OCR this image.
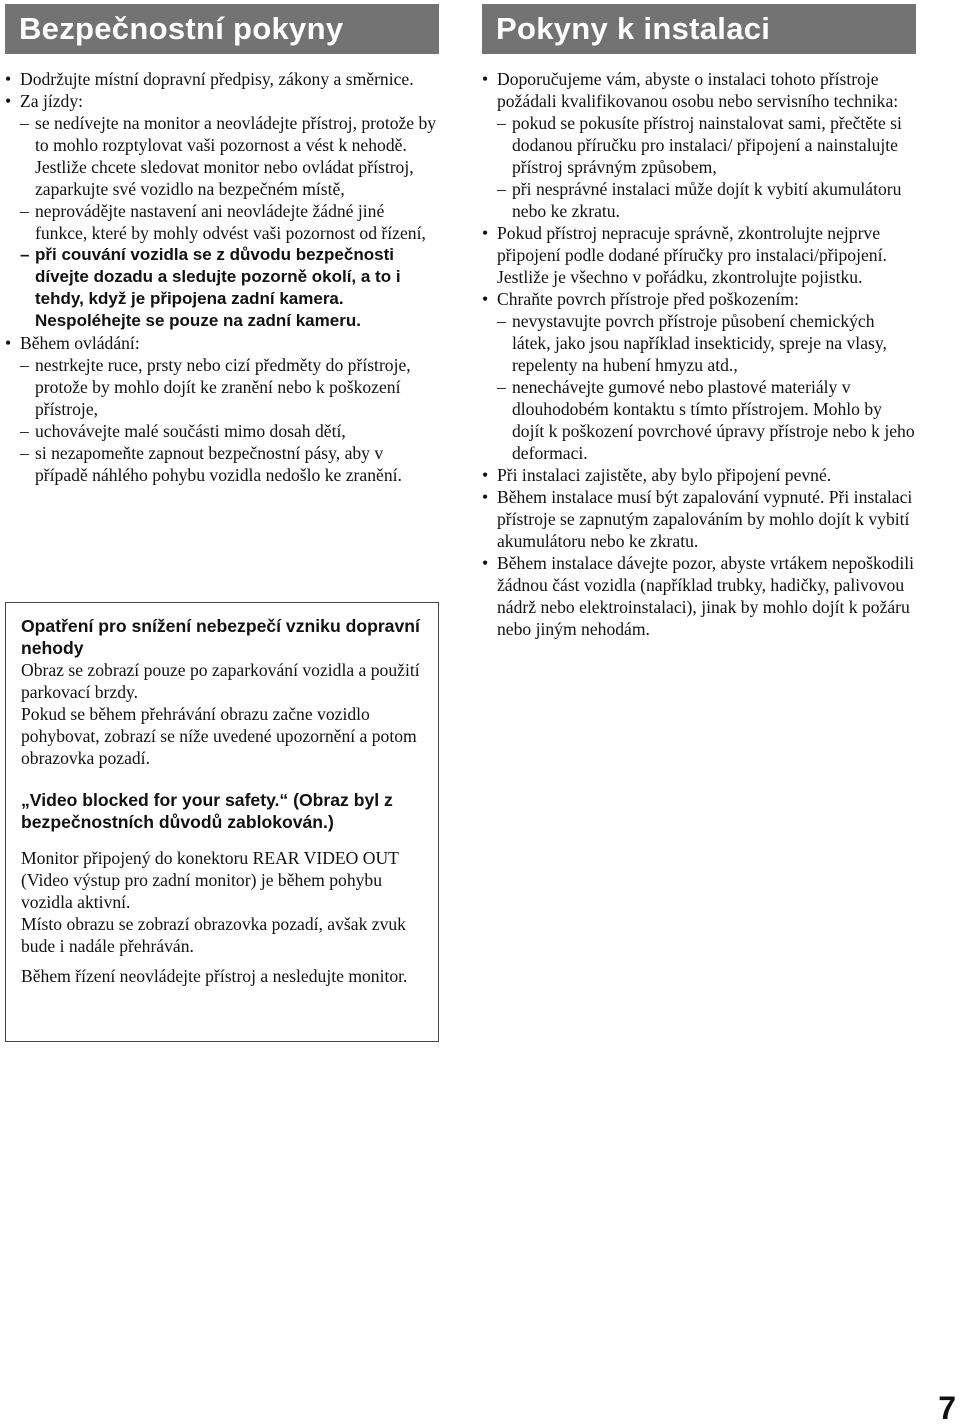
Bezpečnostní pokyny
• Dodržujte místní dopravní předpisy, zákony a směrnice.
• Za jízdy:
– se nedívejte na monitor a neovládejte přístroj, protože by to mohlo rozptylovat vaši pozornost a vést k nehodě. Jestliže chcete sledovat monitor nebo ovládat přístroj, zaparkujte své vozidlo na bezpečném místě,
– neprovádějte nastavení ani neovládejte žádné jiné funkce, které by mohly odvést vaši pozornost od řízení,
– při couvání vozidla se z důvodu bezpečnosti dívejte dozadu a sledujte pozorně okolí, a to i tehdy, když je připojena zadní kamera. Nespoléhejte se pouze na zadní kameru.
• Během ovládání:
– nestrkejte ruce, prsty nebo cizí předměty do přístroje, protože by mohlo dojít ke zranění nebo k poškození přístroje,
– uchovávejte malé součásti mimo dosah dětí,
– si nezapomeňte zapnout bezpečnostní pásy, aby v případě náhlého pohybu vozidla nedošlo ke zranění.

Opatření pro snížení nebezpečí vzniku dopravní nehody

Obraz se zobrazí pouze po zaparkování vozidla a použití parkovací brzdy.

Pokud se během přehrávání obrazu začne vozidlo pohybovat, zobrazí se níže uvedené upozornění a potom obrazovka pozadí.

„Video blocked for your safety.“ (Obraz byl z bezpečnostních důvodů zablokován.)

Monitor připojený do konektoru REAR VIDEO OUT (Video výstup pro zadní monitor) je během pohybu vozidla aktivní.

Místo obrazu se zobrazí obrazovka pozadí, avšak zvuk bude i nadále přehráván.

Během řízení neovládejte přístroj a nesledujte monitor.

Pokyny k instalaci
• Doporučujeme vám, abyste o instalaci tohoto přístroje požádali kvalifikovanou osobu nebo servisního technika:
– pokud se pokusíte přístroj nainstalovat sami, přečtěte si dodanou příručku pro instalaci/ připojení a nainstalujte přístroj správným způsobem,
– při nesprávné instalaci může dojít k vybití akumulátoru nebo ke zkratu.
• Pokud přístroj nepracuje správně, zkontrolujte nejprve připojení podle dodané příručky pro instalaci/připojení. Jestliže je všechno v pořádku, zkontrolujte pojistku.
• Chraňte povrch přístroje před poškozením:
– nevystavujte povrch přístroje působení chemických látek, jako jsou například insekticidy, spreje na vlasy, repelenty na hubení hmyzu atd.,
– nenechávejte gumové nebo plastové materiály v dlouhodobém kontaktu s tímto přístrojem. Mohlo by dojít k poškození povrchové úpravy přístroje nebo k jeho deformaci.
• Při instalaci zajistěte, aby bylo připojení pevné.
• Během instalace musí být zapalování vypnuté. Při instalaci přístroje se zapnutým zapalováním by mohlo dojít k vybití akumulátoru nebo ke zkratu.
• Během instalace dávejte pozor, abyste vrtákem nepoškodili žádnou část vozidla (například trubky, hadičky, palivovou nádrž nebo elektroinstalaci), jinak by mohlo dojít k požáru nebo jiným nehodám.
7
